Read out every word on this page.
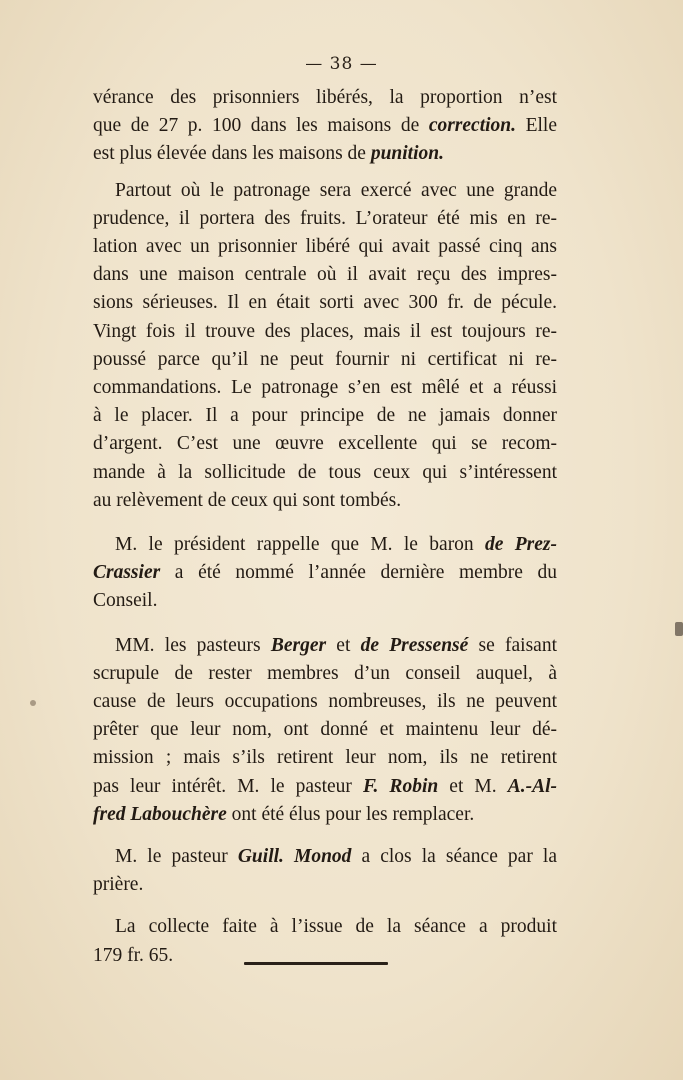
— 38 —
vérance des prisonniers libérés, la proportion n’est
que de 27 p. 100 dans les maisons de correction. Elle
est plus élevée dans les maisons de punition.
Partout où le patronage sera exercé avec une grande
prudence, il portera des fruits. L’orateur été mis en re-
lation avec un prisonnier libéré qui avait passé cinq ans
dans une maison centrale où il avait reçu des impres-
sions sérieuses. Il en était sorti avec 300 fr. de pécule.
Vingt fois il trouve des places, mais il est toujours re-
poussé parce qu’il ne peut fournir ni certificat ni re-
commandations. Le patronage s’en est mêlé et a réussi
à le placer. Il a pour principe de ne jamais donner
d’argent. C’est une œuvre excellente qui se recom-
mande à la sollicitude de tous ceux qui s’intéressent
au relèvement de ceux qui sont tombés.
M. le président rappelle que M. le baron de Prez-
Crassier a été nommé l’année dernière membre du
Conseil.
MM. les pasteurs Berger et de Pressensé se faisant
scrupule de rester membres d’un conseil auquel, à
cause de leurs occupations nombreuses, ils ne peuvent
prêter que leur nom, ont donné et maintenu leur dé-
mission ; mais s’ils retirent leur nom, ils ne retirent
pas leur intérêt. M. le pasteur F. Robin et M. A.-Al-
fred Labouchère ont été élus pour les remplacer.
M. le pasteur Guill. Monod a clos la séance par la
prière.
La collecte faite à l’issue de la séance a produit
179 fr. 65.
